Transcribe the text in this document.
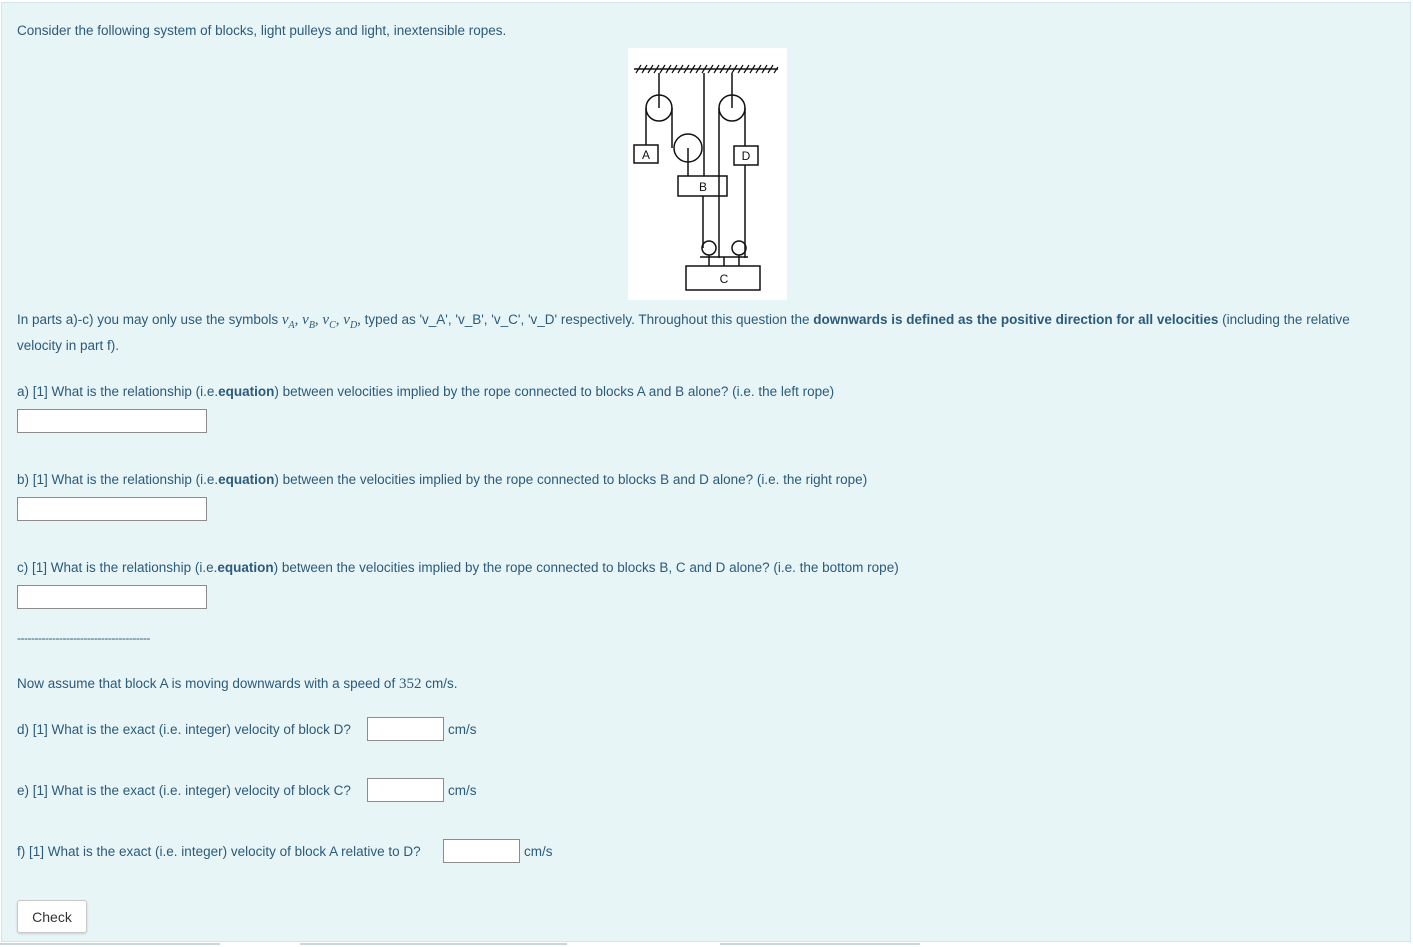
Consider the following system of blocks, light pulleys and light, inextensible ropes.
A
B
C
D
In parts a)-c) you may only use the symbols $v_A$, $v_B$, $v_C$, $v_D$, typed as 'v_A', 'v_B', 'v_C', 'v_D' respectively. Throughout this question the downwards is defined as the positive direction for all velocities (including the relative velocity in part f).
a) [1] What is the relationship (i.e.equation) between velocities implied by the rope connected to blocks A and B alone? (i.e. the left rope)
b) [1] What is the relationship (i.e.equation) between the velocities implied by the rope connected to blocks B and D alone? (i.e. the right rope)
c) [1] What is the relationship (i.e.equation) between the velocities implied by the rope connected to blocks B, C and D alone? (i.e. the bottom rope)
--------------------------------------
Now assume that block A is moving downwards with a speed of 352 cm/s.
d) [1] What is the exact (i.e. integer) velocity of block D?	cm/s
e) [1] What is the exact (i.e. integer) velocity of block C?	cm/s
f) [1] What is the exact (i.e. integer) velocity of block A relative to D?	cm/s
Check
